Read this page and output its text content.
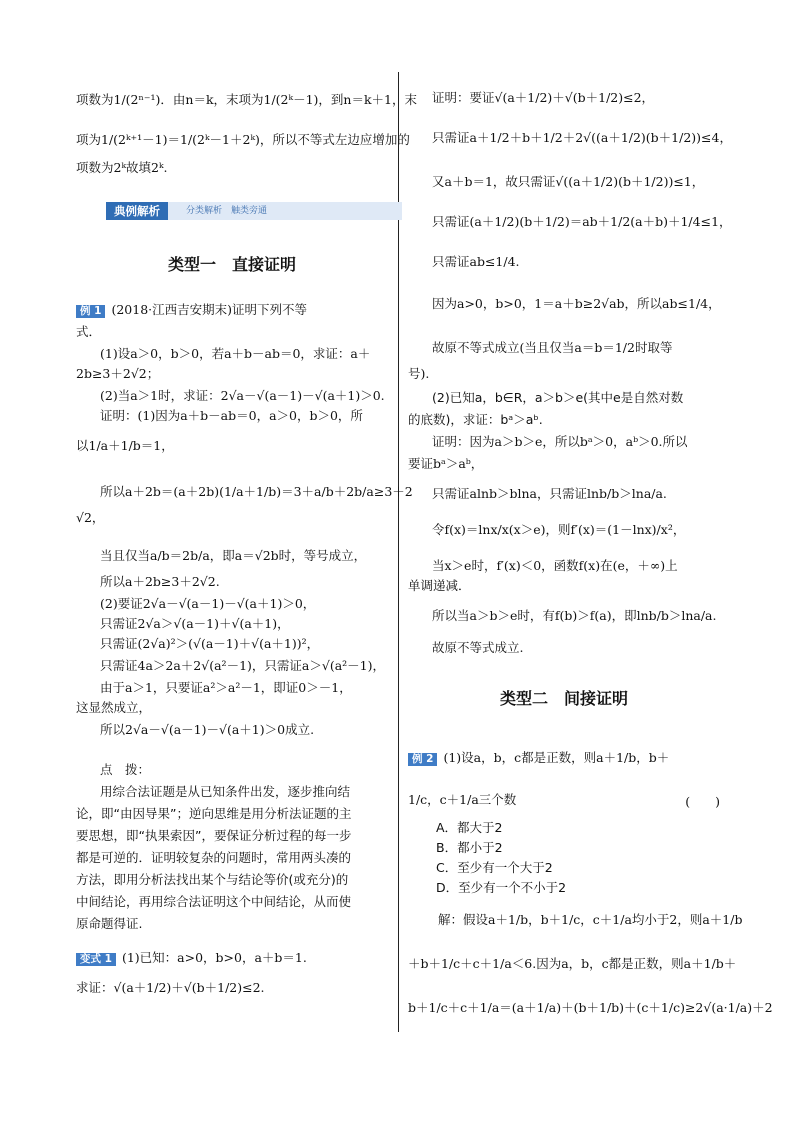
项数为1/(2ⁿ⁻¹)．由n＝k，末项为1/(2ᵏ－1)，到n＝k＋1，末
项为1/(2ᵏ⁺¹－1)＝1/(2ᵏ－1＋2ᵏ)，所以不等式左边应增加的
项数为2ᵏ故填2ᵏ.
典例解析	分类解析　触类旁通
类型一　直接证明
例 1 (2018·江西吉安期末)证明下列不等
式．
(1)设a＞0，b＞0，若a＋b－ab＝0，求证：a＋
2b≥3＋2√2；
(2)当a＞1时，求证：2√a－√(a－1)－√(a＋1)＞0.
证明：(1)因为a＋b－ab＝0，a＞0，b＞0，所
以1/a＋1/b＝1，
所以a＋2b＝(a＋2b)(1/a＋1/b)＝3＋a/b＋2b/a≥3＋2
√2，
当且仅当a/b＝2b/a，即a＝√2b时，等号成立，
所以a＋2b≥3＋2√2.
(2)要证2√a－√(a－1)－√(a＋1)＞0，
只需证2√a＞√(a－1)＋√(a＋1)，
只需证(2√a)²＞(√(a－1)＋√(a＋1))²，
只需证4a＞2a＋2√(a²－1)，只需证a＞√(a²－1)，
由于a＞1，只要证a²＞a²－1，即证0＞－1，
这显然成立，
所以2√a－√(a－1)－√(a＋1)＞0成立.
点　拨：
用综合法证题是从已知条件出发，逐步推向结
论，即“由因导果”；逆向思维是用分析法证题的主
要思想，即“执果索因”，要保证分析过程的每一步
都是可逆的．证明较复杂的问题时，常用两头凑的
方法，即用分析法找出某个与结论等价(或充分)的
中间结论，再用综合法证明这个中间结论，从而使
原命题得证.
变式 1 (1)已知：a>0，b>0，a＋b＝1.
求证：√(a＋1/2)＋√(b＋1/2)≤2.
证明：要证√(a＋1/2)＋√(b＋1/2)≤2，
只需证a＋1/2＋b＋1/2＋2√((a＋1/2)(b＋1/2))≤4，
又a＋b＝1，故只需证√((a＋1/2)(b＋1/2))≤1，
只需证(a＋1/2)(b＋1/2)＝ab＋1/2(a＋b)＋1/4≤1，
只需证ab≤1/4.
因为a>0，b>0，1＝a＋b≥2√ab，所以ab≤1/4，
故原不等式成立(当且仅当a＝b＝1/2时取等
号).
(2)已知a，b∈R，a＞b＞e(其中e是自然对数
的底数)，求证：bᵃ＞aᵇ.
证明：因为a＞b＞e，所以bᵃ＞0，aᵇ＞0.所以
要证bᵃ＞aᵇ，
只需证alnb＞blna，只需证lnb/b＞lna/a.
令f(x)＝lnx/x(x＞e)，则f′(x)＝(1－lnx)/x²，
当x＞e时，f′(x)＜0，函数f(x)在(e，＋∞)上
单调递减．
所以当a＞b＞e时，有f(b)＞f(a)，即lnb/b＞lna/a.
故原不等式成立.
类型二　间接证明
例 2 (1)设a，b，c都是正数，则a＋1/b，b＋
1/c，c＋1/a三个数	(　　)
A．都大于2
B．都小于2
C．至少有一个大于2
D．至少有一个不小于2
解：假设a＋1/b，b＋1/c，c＋1/a均小于2，则a＋1/b
＋b＋1/c＋c＋1/a＜6.因为a，b，c都是正数，则a＋1/b＋
b＋1/c＋c＋1/a＝(a＋1/a)＋(b＋1/b)＋(c＋1/c)≥2√(a·1/a)＋2
